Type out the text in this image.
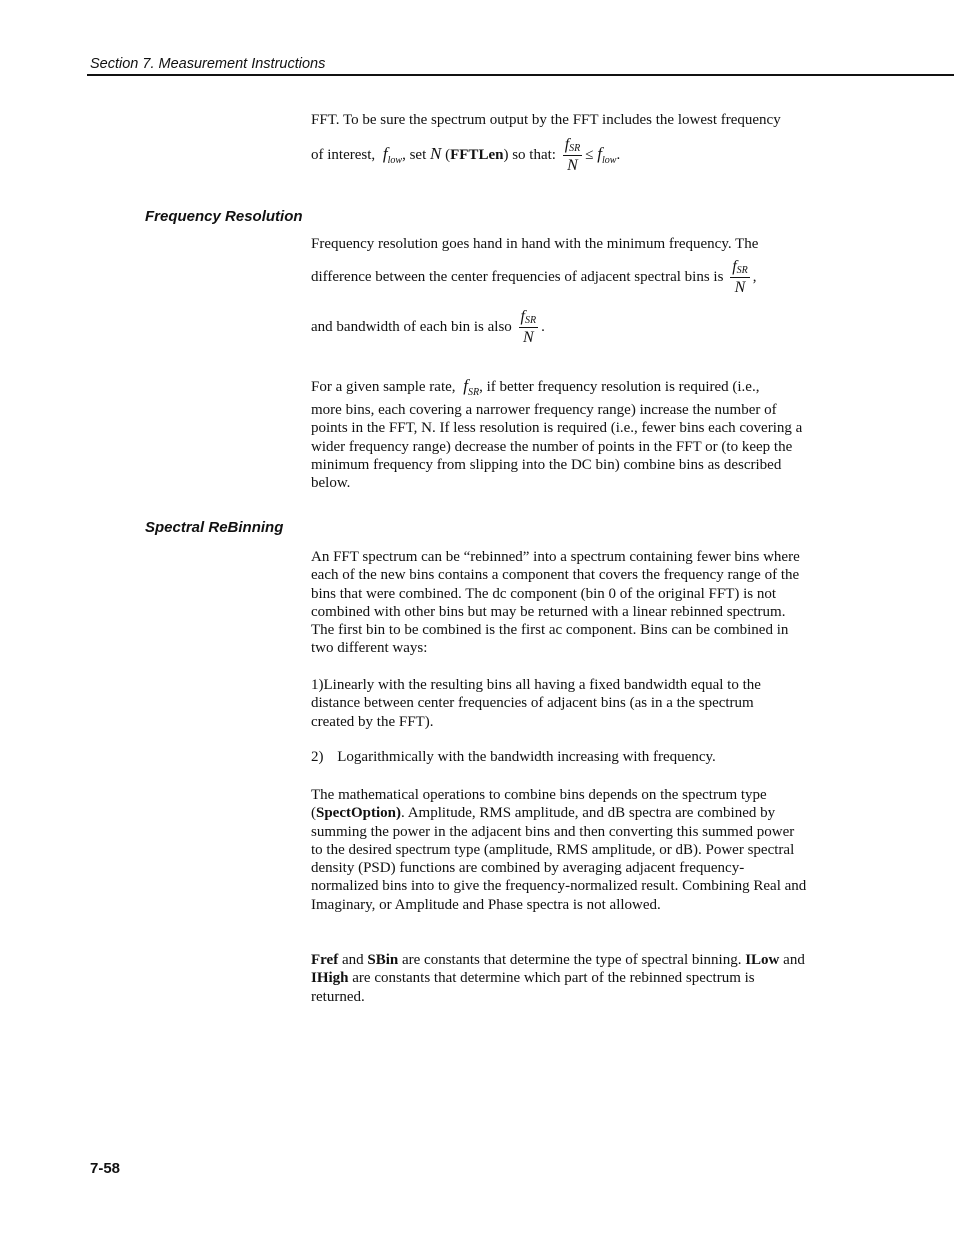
Section 7. Measurement Instructions
FFT. To be sure the spectrum output by the FFT includes the lowest frequency
of interest, $f_{low}$, set N (FFTLen) so that: $\frac{\text{fSR}}{N} \le f_{low}$.
Frequency Resolution
Frequency resolution goes hand in hand with the minimum frequency. The
difference between the center frequencies of adjacent spectral bins is $\frac{\text{fSR}}{N}$ ,
and bandwidth of each bin is also $\frac{\text{fSR}}{N}$ .
For a given sample rate, $f_{SR}$, if better frequency resolution is required (i.e.,
more bins, each covering a narrower frequency range) increase the number of points in the FFT, N. If less resolution is required (i.e., fewer bins each covering a wider frequency range) decrease the number of points in the FFT or (to keep the minimum frequency from slipping into the DC bin) combine bins as described below.
Spectral ReBinning
An FFT spectrum can be “rebinned” into a spectrum containing fewer bins where each of the new bins contains a component that covers the frequency range of the bins that were combined. The dc component (bin 0 of the original FFT) is not combined with other bins but may be returned with a linear rebinned spectrum. The first bin to be combined is the first ac component. Bins can be combined in two different ways:
1)Linearly with the resulting bins all having a fixed bandwidth equal to the distance between center frequencies of adjacent bins (as in a the spectrum created by the FFT).
2) Logarithmically with the bandwidth increasing with frequency.
The mathematical operations to combine bins depends on the spectrum type (SpectOption). Amplitude, RMS amplitude, and dB spectra are combined by summing the power in the adjacent bins and then converting this summed power to the desired spectrum type (amplitude, RMS amplitude, or dB). Power spectral density (PSD) functions are combined by averaging adjacent frequency-normalized bins into to give the frequency-normalized result. Combining Real and Imaginary, or Amplitude and Phase spectra is not allowed.
Fref and SBin are constants that determine the type of spectral binning. ILow and IHigh are constants that determine which part of the rebinned spectrum is returned.
7-58
